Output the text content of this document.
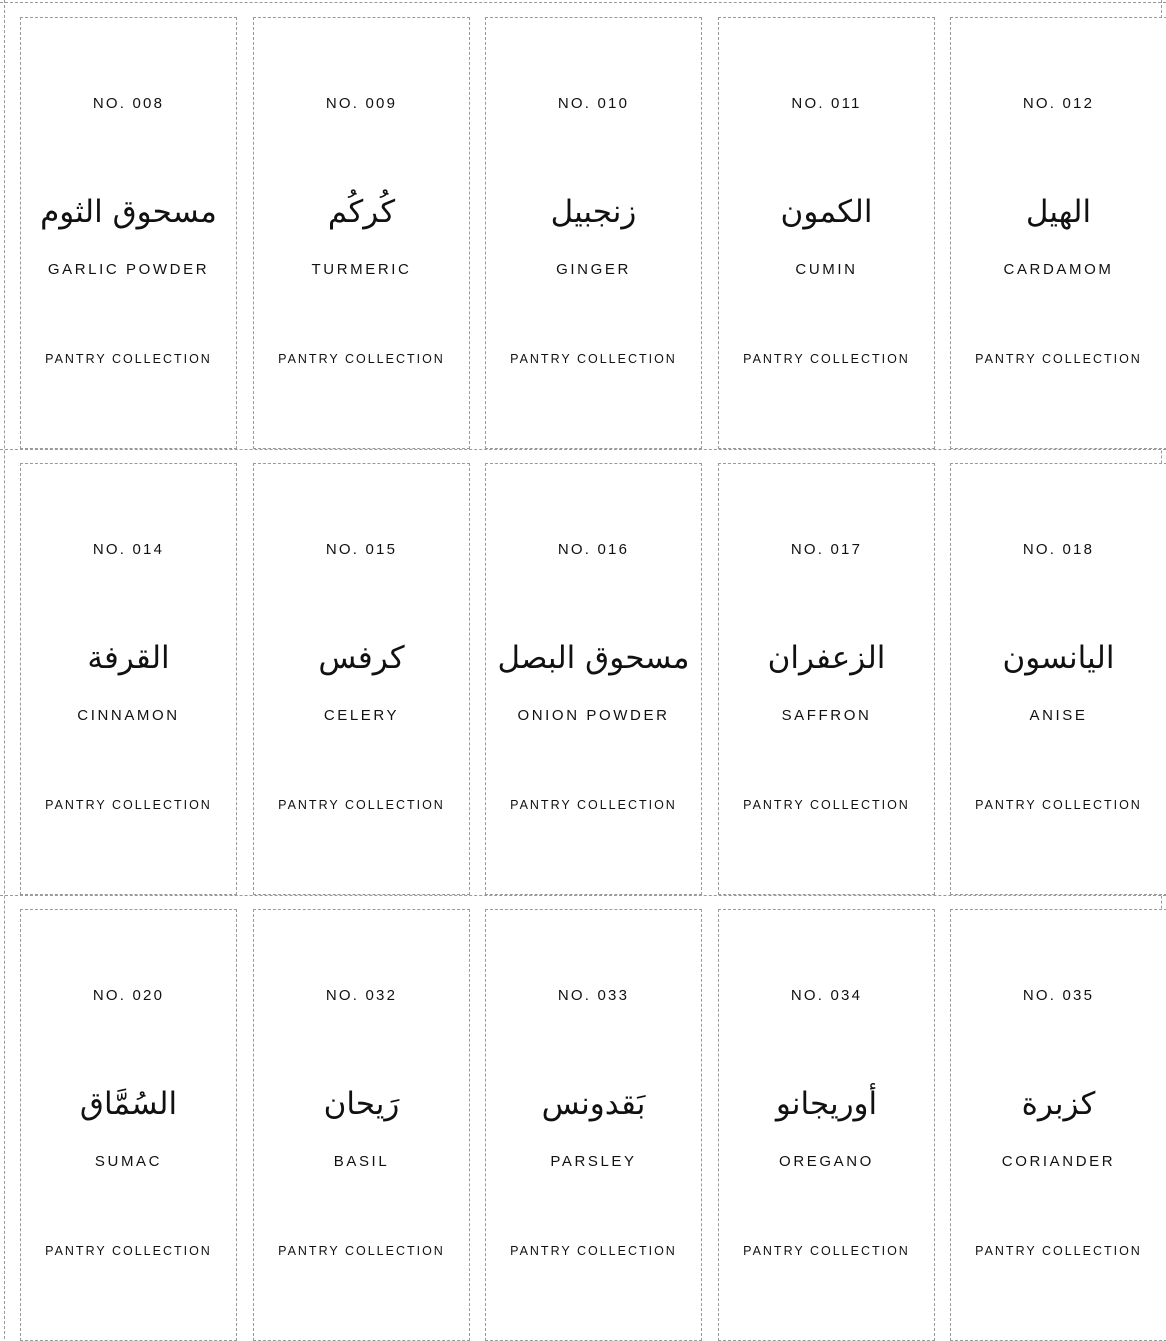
NO. 008
مسحوق الثوم
GARLIC POWDER
PANTRY COLLECTION
NO. 009
كُركُم
TURMERIC
PANTRY COLLECTION
NO. 010
زنجبيل
GINGER
PANTRY COLLECTION
NO. 011
الكمون
CUMIN
PANTRY COLLECTION
NO. 012
الهيل
CARDAMOM
PANTRY COLLECTION
NO. 014
القرفة
CINNAMON
PANTRY COLLECTION
NO. 015
كرفس
CELERY
PANTRY COLLECTION
NO. 016
مسحوق البصل
ONION POWDER
PANTRY COLLECTION
NO. 017
الزعفران
SAFFRON
PANTRY COLLECTION
NO. 018
اليانسون
ANISE
PANTRY COLLECTION
NO. 020
السُمَّاق
SUMAC
PANTRY COLLECTION
NO. 032
رَيحان
BASIL
PANTRY COLLECTION
NO. 033
بَقدونس
PARSLEY
PANTRY COLLECTION
NO. 034
أوريجانو
OREGANO
PANTRY COLLECTION
NO. 035
كزبرة
CORIANDER
PANTRY COLLECTION
